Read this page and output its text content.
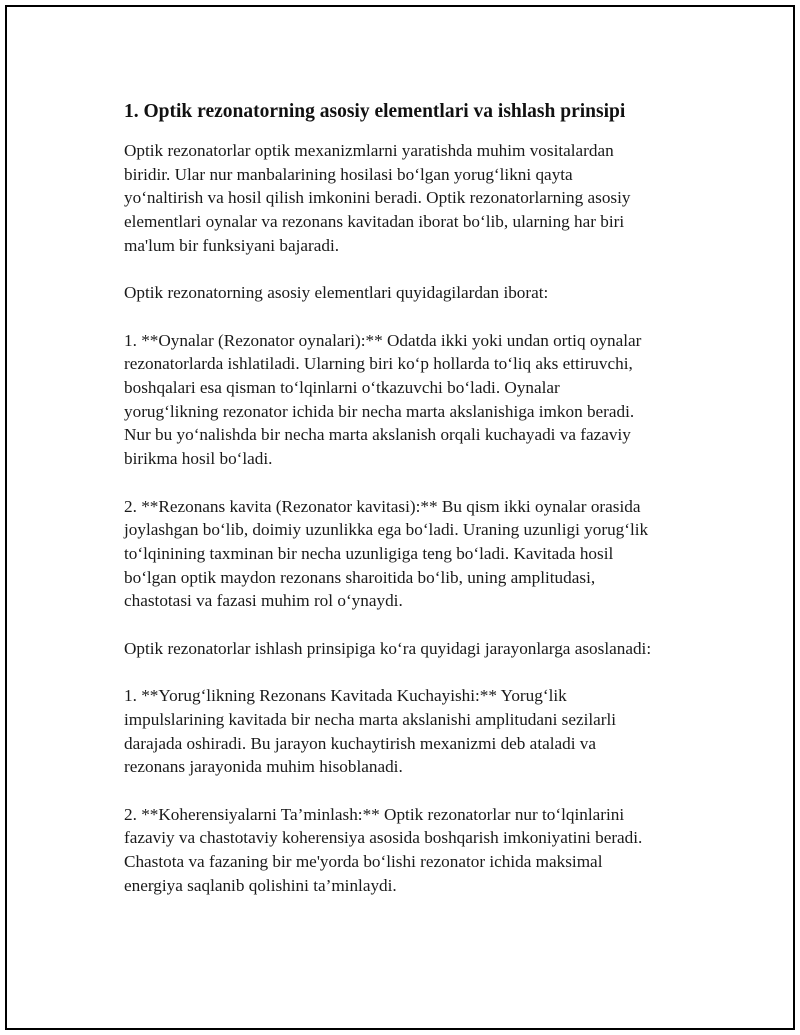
1. Optik rezonatorning asosiy elementlari va ishlash prinsipi

Optik rezonatorlar optik mexanizmlarni yaratishda muhim vositalardan
biridir. Ular nur manbalarining hosilasi bo‘lgan yorug‘likni qayta
yo‘naltirish va hosil qilish imkonini beradi. Optik rezonatorlarning asosiy
elementlari oynalar va rezonans kavitadan iborat bo‘lib, ularning har biri
ma'lum bir funksiyani bajaradi.

Optik rezonatorning asosiy elementlari quyidagilardan iborat:

1. **Oynalar (Rezonator oynalari):** Odatda ikki yoki undan ortiq oynalar
rezonatorlarda ishlatiladi. Ularning biri ko‘p hollarda to‘liq aks ettiruvchi,
boshqalari esa qisman to‘lqinlarni o‘tkazuvchi bo‘ladi. Oynalar
yorug‘likning rezonator ichida bir necha marta akslanishiga imkon beradi.
Nur bu yo‘nalishda bir necha marta akslanish orqali kuchayadi va fazaviy
birikma hosil bo‘ladi.

2. **Rezonans kavita (Rezonator kavitasi):** Bu qism ikki oynalar orasida
joylashgan bo‘lib, doimiy uzunlikka ega bo‘ladi. Uraning uzunligi yorug‘lik
to‘lqinining taxminan bir necha uzunligiga teng bo‘ladi. Kavitada hosil
bo‘lgan optik maydon rezonans sharoitida bo‘lib, uning amplitudasi,
chastotasi va fazasi muhim rol o‘ynaydi.

Optik rezonatorlar ishlash prinsipiga ko‘ra quyidagi jarayonlarga asoslanadi:

1. **Yorug‘likning Rezonans Kavitada Kuchayishi:** Yorug‘lik
impulslarining kavitada bir necha marta akslanishi amplitudani sezilarli
darajada oshiradi. Bu jarayon kuchaytirish mexanizmi deb ataladi va
rezonans jarayonida muhim hisoblanadi.

2. **Koherensiyalarni Ta’minlash:** Optik rezonatorlar nur to‘lqinlarini
fazaviy va chastotaviy koherensiya asosida boshqarish imkoniyatini beradi.
Chastota va fazaning bir me'yorda bo‘lishi rezonator ichida maksimal
energiya saqlanib qolishini ta’minlaydi.
